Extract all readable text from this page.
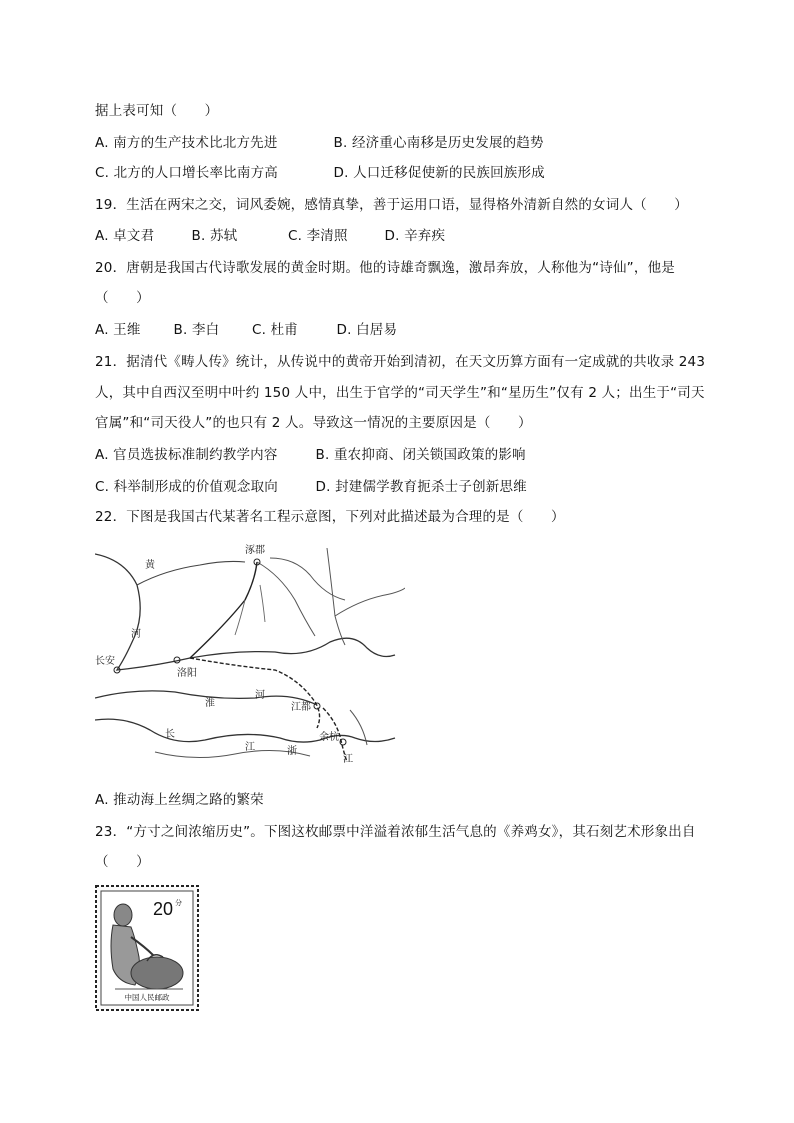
据上表可知（　　）
A. 南方的生产技术比北方先进	B. 经济重心南移是历史发展的趋势
C. 北方的人口增长率比南方高	D. 人口迁移促使新的民族回族形成
19．生活在两宋之交，词风委婉，感情真挚，善于运用口语，显得格外清新自然的女词人（　　）
A. 卓文君	B. 苏轼	C. 李清照	D. 辛弃疾
20．唐朝是我国古代诗歌发展的黄金时期。他的诗雄奇飘逸，激昂奔放，人称他为“诗仙”，他是
（　　）
A. 王维 B. 李白 C. 杜甫	D. 白居易
21．据清代《畴人传》统计，从传说中的黄帝开始到清初，在天文历算方面有一定成就的共收录 243
人，其中自西汉至明中叶约 150 人中，出生于官学的“司天学生”和“星历生”仅有 2 人；出生于“司天
官属”和“司天役人”的也只有 2 人。导致这一情况的主要原因是（　　）
A. 官员选拔标准制约教学内容	B. 重农抑商、闭关锁国政策的影响
C. 科举制形成的价值观念取向	D. 封建儒学教育扼杀士子创新思维
22．下图是我国古代某著名工程示意图，下列对此描述最为合理的是（　　）
涿郡
黄
河
长安
洛阳
淮
河
江都
长
江
余杭
浙
江
A. 推动海上丝绸之路的繁荣
23．“方寸之间浓缩历史”。下图这枚邮票中洋溢着浓郁生活气息的《养鸡女》，其石刻艺术形象出自
（　　）
20 分
中国人民邮政
